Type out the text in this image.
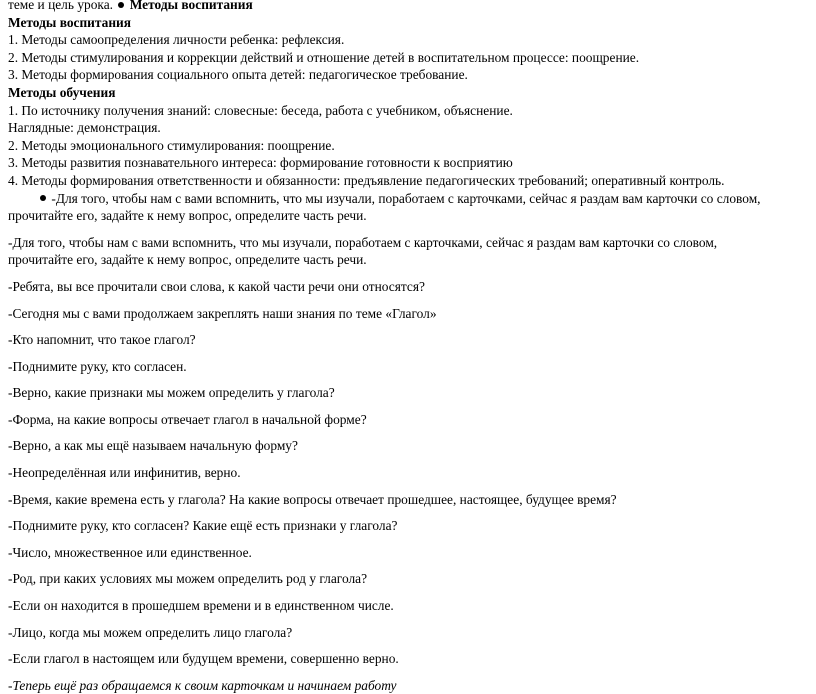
теме и цель урока. Методы воспитания
Методы воспитания
1. Методы самоопределения личности ребенка: рефлексия.
2. Методы стимулирования и коррекции действий и отношение детей в воспитательном процессе: поощрение.
3. Методы формирования социального опыта детей: педагогическое требование.
Методы обучения
1. По источнику получения знаний: словесные: беседа, работа с учебником, объяснение.
Наглядные: демонстрация.
2. Методы эмоционального стимулирования: поощрение.
3. Методы развития познавательного интереса: формирование готовности к восприятию
4. Методы формирования ответственности и обязанности: предъявление педагогических требований; оперативный контроль.
-Для того, чтобы нам с вами вспомнить, что мы изучали, поработаем с карточками, сейчас я раздам вам карточки со словом,
прочитайте его, задайте к нему вопрос, определите часть речи.
-Для того, чтобы нам с вами вспомнить, что мы изучали, поработаем с карточками, сейчас я раздам вам карточки со словом,
прочитайте его, задайте к нему вопрос, определите часть речи.
-Ребята, вы все прочитали свои слова, к какой части речи они относятся?
-Сегодня мы с вами продолжаем закреплять наши знания по теме «Глагол»
-Кто напомнит, что такое глагол?
-Поднимите руку, кто согласен.
-Верно, какие признаки мы можем определить у глагола?
-Форма, на какие вопросы отвечает глагол в начальной форме?
-Верно, а как мы ещё называем начальную форму?
-Неопределённая или инфинитив, верно.
-Время, какие времена есть у глагола? На какие вопросы отвечает прошедшее, настоящее, будущее время?
-Поднимите руку, кто согласен? Какие ещё есть признаки у глагола?
-Число, множественное или единственное.
-Род, при каких условиях мы можем определить род у глагола?
-Если он находится в прошедшем времени и в единственном числе.
-Лицо, когда мы можем определить лицо глагола?
-Если глагол в настоящем или будущем времени, совершенно верно.
-Теперь ещё раз обращаемся к своим карточкам и начинаем работу
